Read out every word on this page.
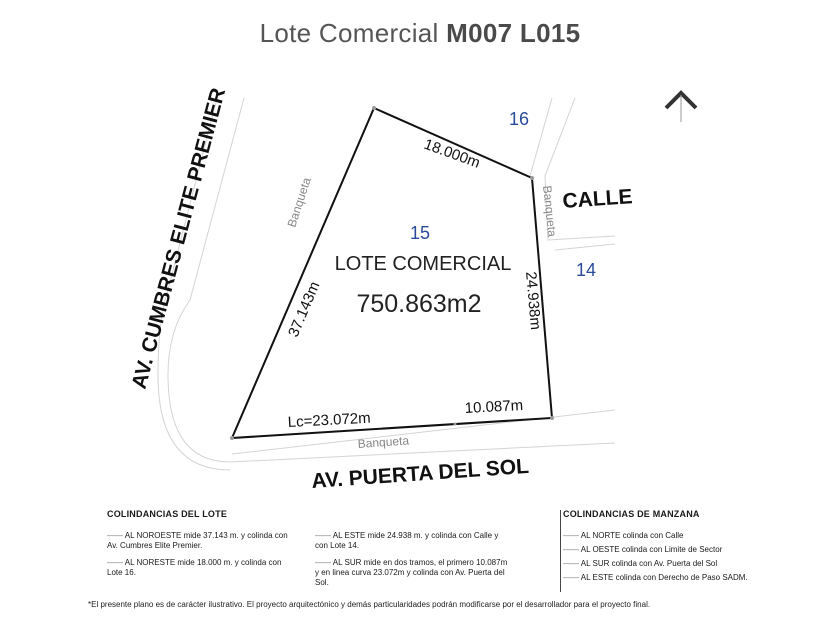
Lote Comercial M007 L015
AV. CUMBRES ELITE PREMIER
AV. PUERTA DEL SOL
CALLE
Banqueta	Banqueta
Banqueta
15
LOTE COMERCIAL
750.863m2
16
14
18.000m
24.938m
37.143m
Lc=23.072m
10.087m
COLINDANCIAS DEL LOTE
—— AL NOROESTE mide 37.143 m. y colinda con Av. Cumbres Elite Premier.
—— AL NORESTE mide 18.000 m. y colinda con Lote 16.
—— AL ESTE mide 24.938 m. y colinda con Calle y con Lote 14.
—— AL SUR mide en dos tramos, el primero 10.087m y en linea curva 23.072m y colinda con Av. Puerta del Sol.
COLINDANCIAS DE MANZANA
—— AL NORTE colinda con Calle
—— AL OESTE colinda con Limite de Sector
—— AL SUR colinda con Av. Puerta del Sol
—— AL ESTE colinda con Derecho de Paso SADM.
*El presente plano es de carácter ilustrativo. El proyecto arquitectónico y demás particularidades podrán modificarse por el desarrollador para el proyecto final.
